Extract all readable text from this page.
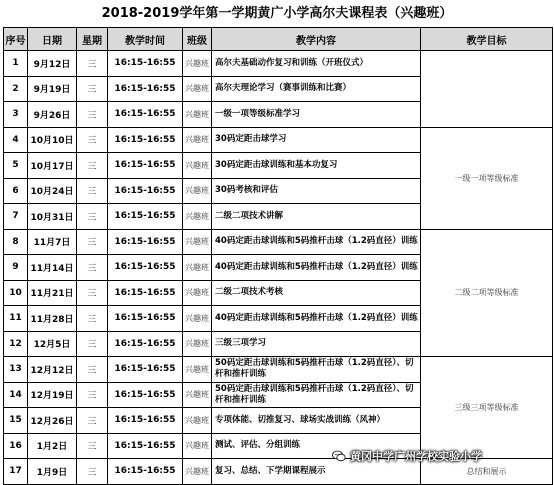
2018-2019学年第一学期黄广小学高尔夫课程表（兴趣班）
序号	日期	星期	教学时间	班级	教学内容	教学目标
1	9月12日	三	16:15-16:55	兴趣班	高尔夫基础动作复习和训练（开班仪式）	
2	9月19日	三	16:15-16:55	兴趣班	高尔夫理论学习（赛事训练和比赛）	
3	9月26日	三	16:15-16:55	兴趣班	一级一项等级标准学习	
4	10月10日	三	16:15-16:55	兴趣班	30码定距击球学习	一级一项等级标准
5	10月17日	三	16:15-16:55	兴趣班	30码定距击球训练和基本功复习	
6	10月24日	三	16:15-16:55	兴趣班	30码考核和评估	
7	10月31日	三	16:15-16:55	兴趣班	二级二项技术讲解	
8	11月7日	三	16:15-16:55	兴趣班	40码定距击球训练和5码推杆击球（1.2码直径）训练	二级二项等级标准
9	11月14日	三	16:15-16:55	兴趣班	40码定距击球训练和5码推杆击球（1.2码直径）训练	
10	11月21日	三	16:15-16:55	兴趣班	二级二项技术考核	
11	11月28日	三	16:15-16:55	兴趣班	40码定距击球训练和5码推杆击球（1.2码直径）训练	
12	12月5日	三	16:15-16:55	兴趣班	三级三项学习	
13	12月12日	三	16:15-16:55	兴趣班	50码定距击球训练和5码推杆击球（1.2码直径）、切杆和推杆训练	三级三项等级标准
14	12月19日	三	16:15-16:55	兴趣班	50码定距击球训练和5码推杆击球（1.2码直径）、切杆和推杆训练	
15	12月26日	三	16:15-16:55	兴趣班	专项体能、切推复习、球场实战训练（风神）	
16	1月2日	三	16:15-16:55	兴趣班	测试、评估、分组训练	
17	1月9日	三	16:15-16:55	兴趣班	复习、总结、下学期课程展示	总结和展示
黄冈中学广州学校实验小学
